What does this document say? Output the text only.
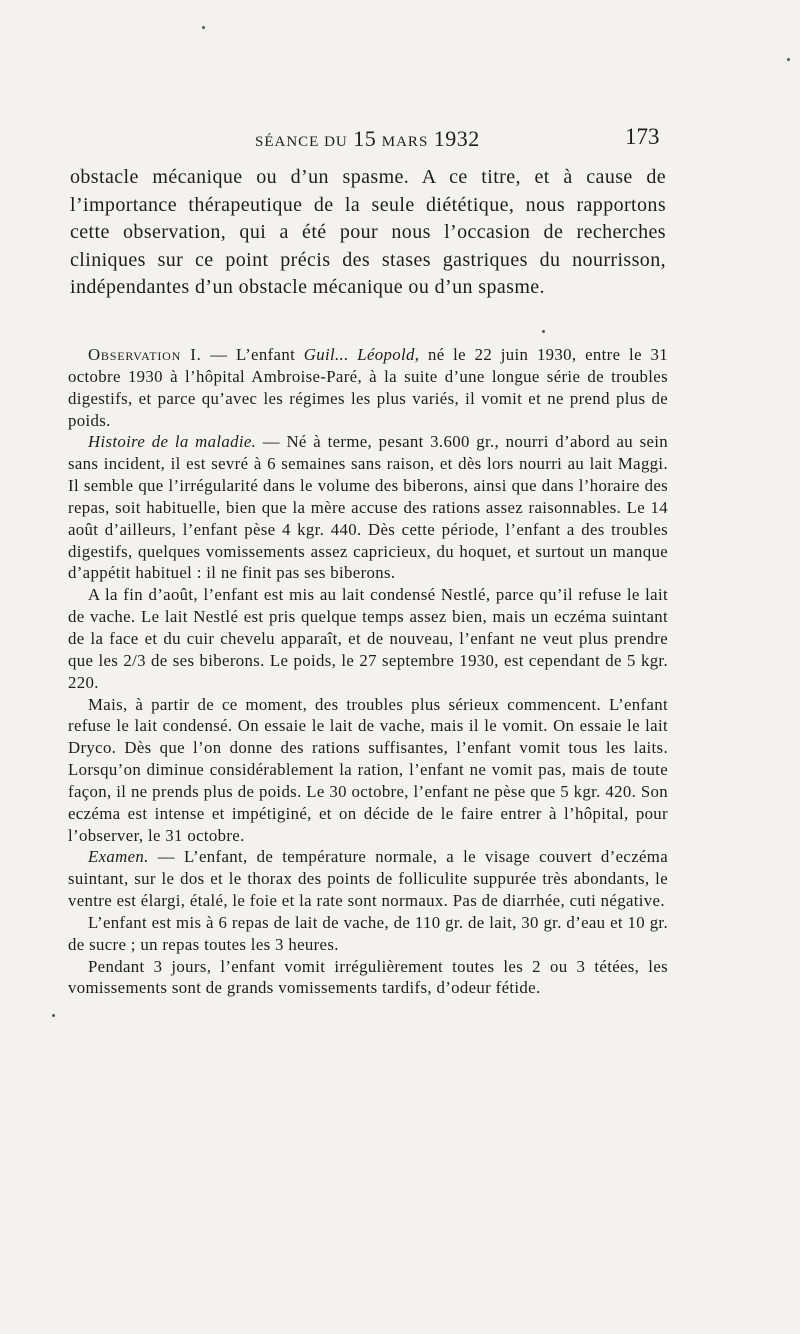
SÉANCE DU 15 MARS 1932	173
obstacle mécanique ou d’un spasme. A ce titre, et à cause de l’importance thérapeutique de la seule diététique, nous rapportons cette observation, qui a été pour nous l’occasion de recherches cliniques sur ce point précis des stases gastriques du nourrisson, indépendantes d’un obstacle mécanique ou d’un spasme.

Observation I. — L’enfant Guil... Léopold, né le 22 juin 1930, entre le 31 octobre 1930 à l’hôpital Ambroise-Paré, à la suite d’une longue série de troubles digestifs, et parce qu’avec les régimes les plus variés, il vomit et ne prend plus de poids.

Histoire de la maladie. — Né à terme, pesant 3.600 gr., nourri d’abord au sein sans incident, il est sevré à 6 semaines sans raison, et dès lors nourri au lait Maggi. Il semble que l’irrégularité dans le volume des biberons, ainsi que dans l’horaire des repas, soit habituelle, bien que la mère accuse des rations assez raisonnables. Le 14 août d’ailleurs, l’enfant pèse 4 kgr. 440. Dès cette période, l’enfant a des troubles digestifs, quelques vomissements assez capricieux, du hoquet, et surtout un manque d’appétit habituel : il ne finit pas ses biberons.

A la fin d’août, l’enfant est mis au lait condensé Nestlé, parce qu’il refuse le lait de vache. Le lait Nestlé est pris quelque temps assez bien, mais un eczéma suintant de la face et du cuir chevelu apparaît, et de nouveau, l’enfant ne veut plus prendre que les 2/3 de ses biberons. Le poids, le 27 septembre 1930, est cependant de 5 kgr. 220.

Mais, à partir de ce moment, des troubles plus sérieux commencent. L’enfant refuse le lait condensé. On essaie le lait de vache, mais il le vomit. On essaie le lait Dryco. Dès que l’on donne des rations suffisantes, l’enfant vomit tous les laits. Lorsqu’on diminue considérablement la ration, l’enfant ne vomit pas, mais de toute façon, il ne prends plus de poids. Le 30 octobre, l’enfant ne pèse que 5 kgr. 420. Son eczéma est intense et impétiginé, et on décide de le faire entrer à l’hôpital, pour l’observer, le 31 octobre.

Examen. — L’enfant, de température normale, a le visage couvert d’eczéma suintant, sur le dos et le thorax des points de folliculite suppurée très abondants, le ventre est élargi, étalé, le foie et la rate sont normaux. Pas de diarrhée, cuti négative.

L’enfant est mis à 6 repas de lait de vache, de 110 gr. de lait, 30 gr. d’eau et 10 gr. de sucre ; un repas toutes les 3 heures.

Pendant 3 jours, l’enfant vomit irrégulièrement toutes les 2 ou 3 tétées, les vomissements sont de grands vomissements tardifs, d’odeur fétide.
